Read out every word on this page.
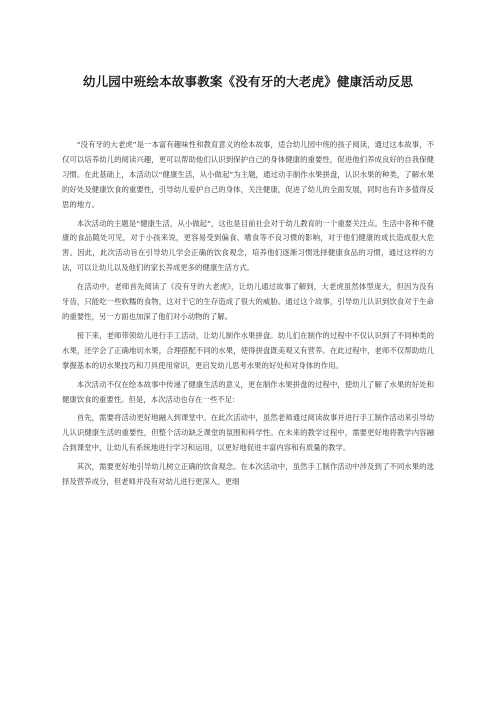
幼儿园中班绘本故事教案《没有牙的大老虎》健康活动反思

“没有牙的大老虎”是一本富有趣味性和教育意义的绘本故事，适合幼儿园中班的孩子阅读，通过这本故事，不仅可以培养幼儿的阅读兴趣，更可以帮助他们认识到保护自己的身体健康的重要性，促进他们养成良好的自我保健习惯。在此基础上，本活动以“健康生活，从小做起”为主题，通过动手制作水果拼盘，认识水果的种类，了解水果的好处及健康饮食的重要性，引导幼儿爱护自己的身体，关注健康，促进了幼儿的全面发展，同时也有许多值得反思的地方。

本次活动的主题是“健康生活，从小做起”，这也是目前社会对于幼儿教育的一个重要关注点。生活中各种不健康的食品随处可见，对于小孩来说，更容易受到偏食、嗜食等不良习惯的影响，对于他们健康的成长造成很大危害。因此，此次活动旨在引导幼儿学会正确的饮食观念，培养他们逐渐习惯选择健康食品的习惯，通过这样的方法，可以让幼儿以及他们的家长养成更多的健康生活方式。

在活动中，老师首先阅读了《没有牙的大老虎》，让幼儿通过故事了解到，大老虎虽然体型庞大，但因为没有牙齿，只能吃一些软糯的食物，这对于它的生存造成了很大的威胁。通过这个故事，引导幼儿认识到饮食对于生命的重要性，另一方面也加深了他们对小动物的了解。

接下来，老师带领幼儿进行手工活动，让幼儿制作水果拼盘。幼儿们在制作的过程中不仅认识到了不同种类的水果，还学会了正确地切水果，合理搭配不同的水果，使得拼盘既美观又有营养。在此过程中，老师不仅帮助幼儿掌握基本的切水果技巧和刀具使用常识，更启发幼儿思考水果的好处和对身体的作用。

本次活动不仅在绘本故事中传递了健康生活的意义，更在制作水果拼盘的过程中，使幼儿了解了水果的好处和健康饮食的重要性。但是，本次活动也存在一些不足：

首先，需要将活动更好地融入到课堂中。在此次活动中，虽然老师通过阅读故事并进行手工制作活动来引导幼儿认识健康生活的重要性，但整个活动缺乏课堂的氛围和科学性。在未来的教学过程中，需要更好地将教学内容融合到课堂中，让幼儿有系统地进行学习和运用，以更好地促进丰富内容和有质量的教学。

其次，需要更好地引导幼儿树立正确的饮食观念。在本次活动中，虽然手工制作活动中涉及到了不同水果的选择及营养成分，但老师并没有对幼儿进行更深入、更细
